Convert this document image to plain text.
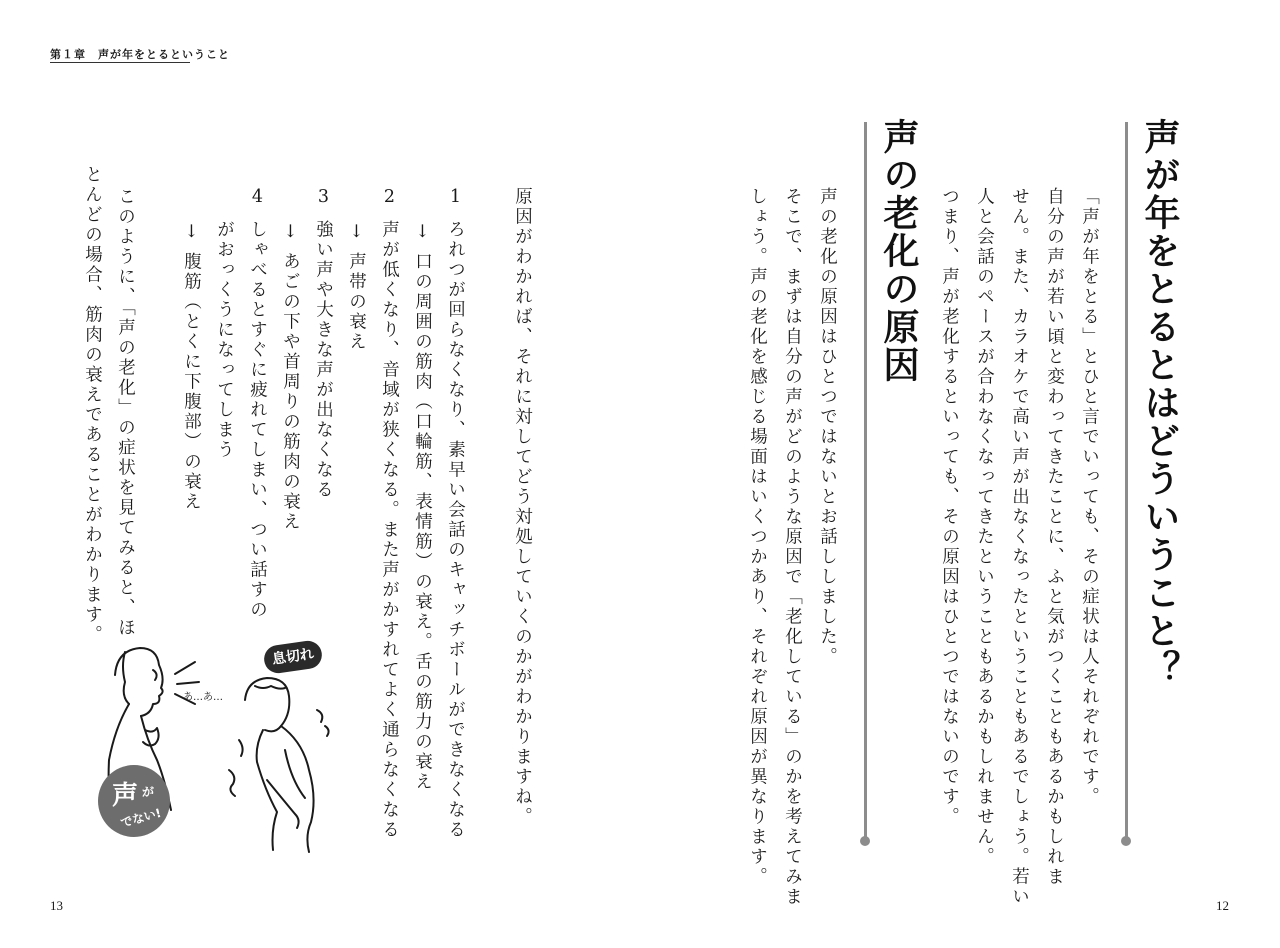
第１章　声が年をとるということ
声が年をとるとはどういうこと？
「声が年をとる」とひと言でいっても、その症状は人それぞれです。
自分の声が若い頃と変わってきたことに、ふと気がつくこともあるかもしれま
せん。また、カラオケで高い声が出なくなったということもあるでしょう。若い
人と会話のペースが合わなくなってきたということもあるかもしれません。
つまり、声が老化するといっても、その原因はひとつではないのです。
声の老化の原因
声の老化の原因はひとつではないとお話ししました。
そこで、まずは自分の声がどのような原因で「老化している」のかを考えてみま
しょう。声の老化を感じる場面はいくつかあり、それぞれ原因が異なります。
原因がわかれば、それに対してどう対処していくのかがわかりますね。
1
ろれつが回らなくなり、素早い会話のキャッチボールができなくなる
↓
口の周囲の筋肉（口輪筋、表情筋）の衰え。舌の筋力の衰え
2
声が低くなり、音域が狭くなる。また声がかすれてよく通らなくなる
↓
声帯の衰え
3
強い声や大きな声が出なくなる
↓
あごの下や首周りの筋肉の衰え
4
しゃべるとすぐに疲れてしまい、つい話すの
がおっくうになってしまう
↓
腹筋（とくに下腹部）の衰え
このように、「声の老化」の症状を見てみると、ほ
とんどの場合、筋肉の衰えであることがわかります。
あ…あ…
息切れ
声 が
でない!
13	12
